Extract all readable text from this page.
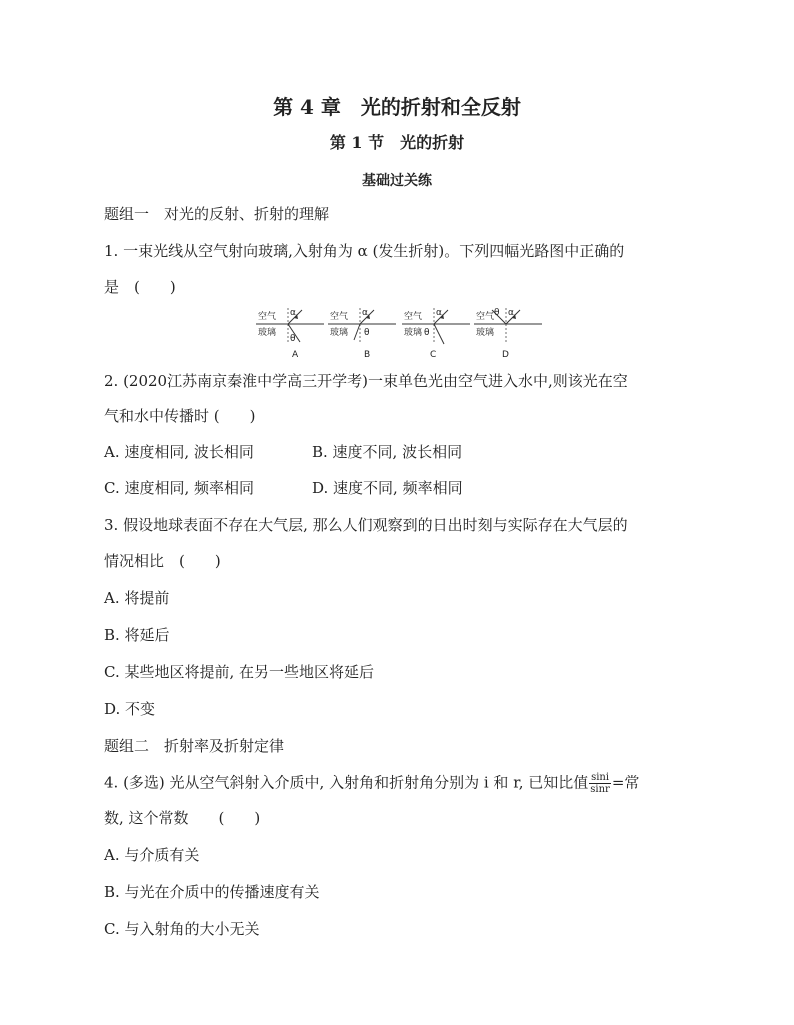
第 4 章　光的折射和全反射
第 1 节　光的折射
基础过关练
题组一　对光的反射、折射的理解
1. 一束光线从空气射向玻璃,入射角为 α (发生折射)。下列四幅光路图中正确的
是　(　　)
空气
玻璃
α
θ
A
空气
玻璃
α
θ
B
空气
玻璃
α
θ
C
空气
玻璃
α
θ
D
2. (2020江苏南京秦淮中学高三开学考)一束单色光由空气进入水中,则该光在空
气和水中传播时 (　　)
A. 速度相同, 波长相同	B. 速度不同, 波长相同
C. 速度相同, 频率相同	D. 速度不同, 频率相同
3. 假设地球表面不存在大气层, 那么人们观察到的日出时刻与实际存在大气层的
情况相比　(　　)
A. 将提前
B. 将延后
C. 某些地区将提前, 在另一些地区将延后
D. 不变
题组二　折射率及折射定律
4. (多选) 光从空气斜射入介质中, 入射角和折射角分别为 i 和 r, 已知比值 $\frac{\sin i}{\sin r}$ =常
数, 这个常数　　(　　)
A. 与介质有关
B. 与光在介质中的传播速度有关
C. 与入射角的大小无关
